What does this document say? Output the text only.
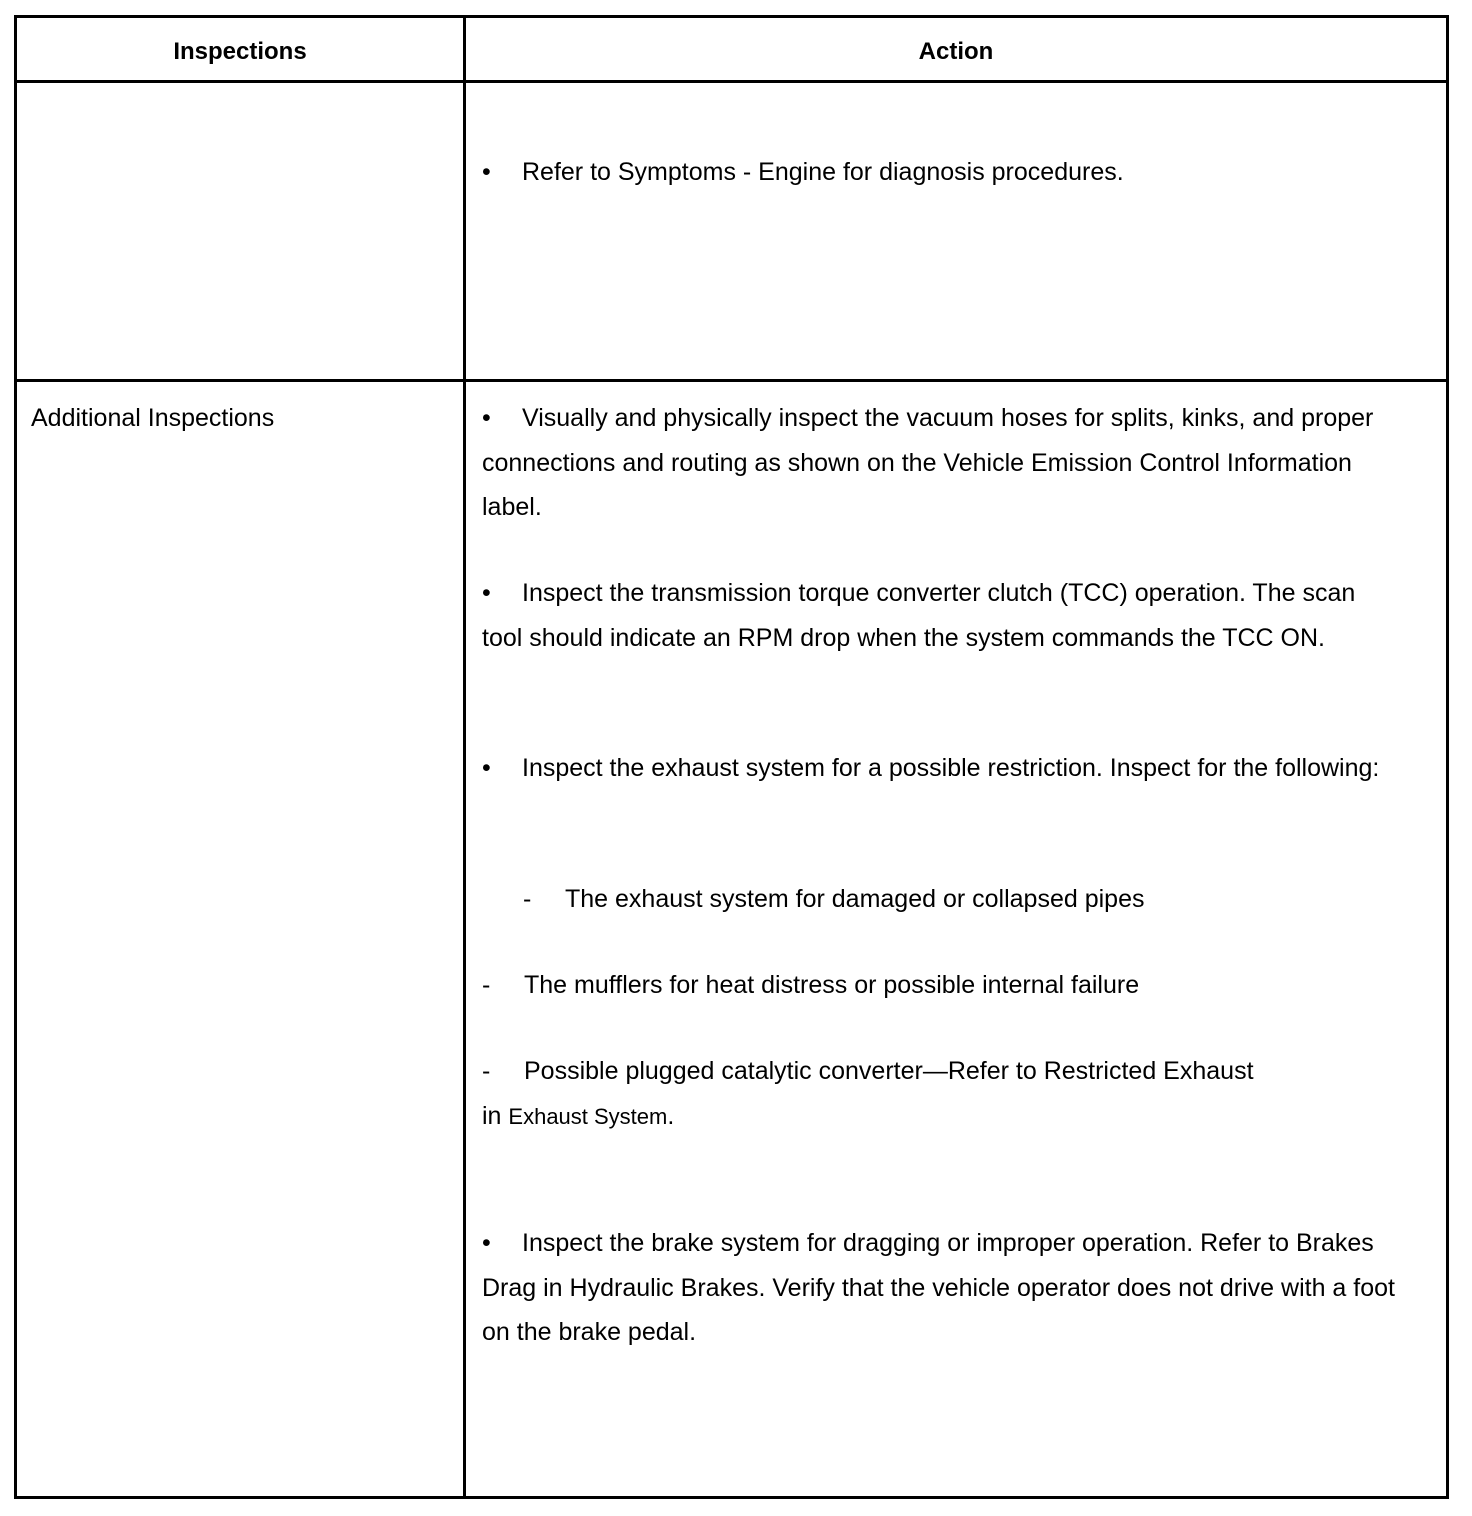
Inspections	Action
Additional Inspections
• Refer to Symptoms - Engine for diagnosis procedures.
• Visually and physically inspect the vacuum hoses for splits, kinks, and proper connections and routing as shown on the Vehicle Emission Control Information label.
• Inspect the transmission torque converter clutch (TCC) operation. The scan tool should indicate an RPM drop when the system commands the TCC ON.
• Inspect the exhaust system for a possible restriction. Inspect for the following:
- The exhaust system for damaged or collapsed pipes
- The mufflers for heat distress or possible internal failure
- Possible plugged catalytic converter—Refer to Restricted Exhaust
in Exhaust System.
• Inspect the brake system for dragging or improper operation. Refer to Brakes Drag in Hydraulic Brakes. Verify that the vehicle operator does not drive with a foot on the brake pedal.
